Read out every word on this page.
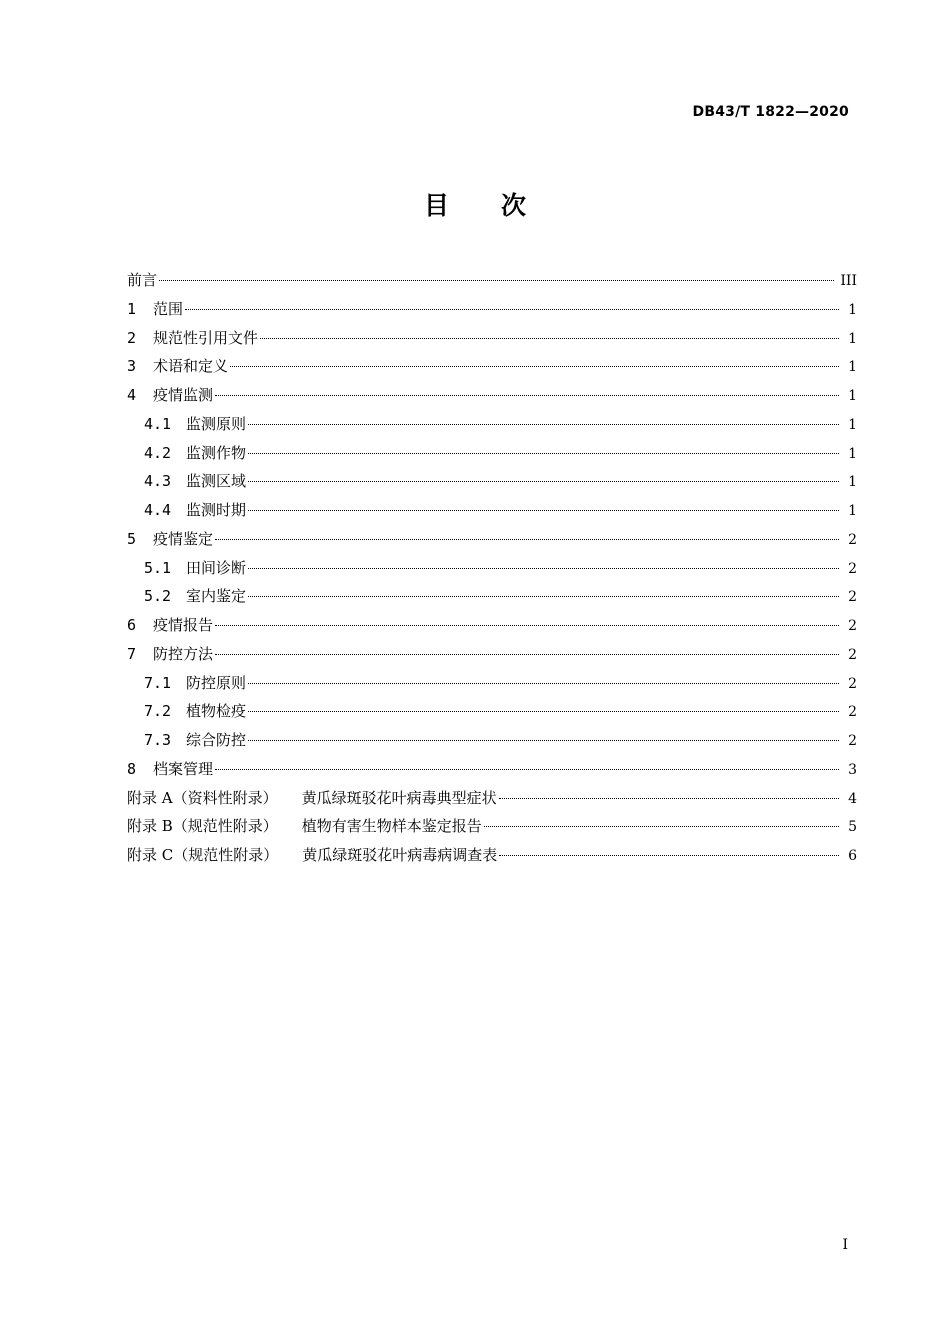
DB43/T 1822—2020
目 次
前言	III
1	范围	1
2	规范性引用文件	1
3	术语和定义	1
4	疫情监测	1
4.1 监测原则	1
4.2 监测作物	1
4.3 监测区域	1
4.4 监测时期	1
5	疫情鉴定	2
5.1 田间诊断	2
5.2 室内鉴定	2
6	疫情报告	2
7	防控方法	2
7.1 防控原则	2
7.2 植物检疫	2
7.3 综合防控	2
8	档案管理	3
附录 A（资料性附录） 黄瓜绿斑驳花叶病毒典型症状	4
附录 B（规范性附录） 植物有害生物样本鉴定报告	5
附录 C（规范性附录） 黄瓜绿斑驳花叶病毒病调查表	6
I
